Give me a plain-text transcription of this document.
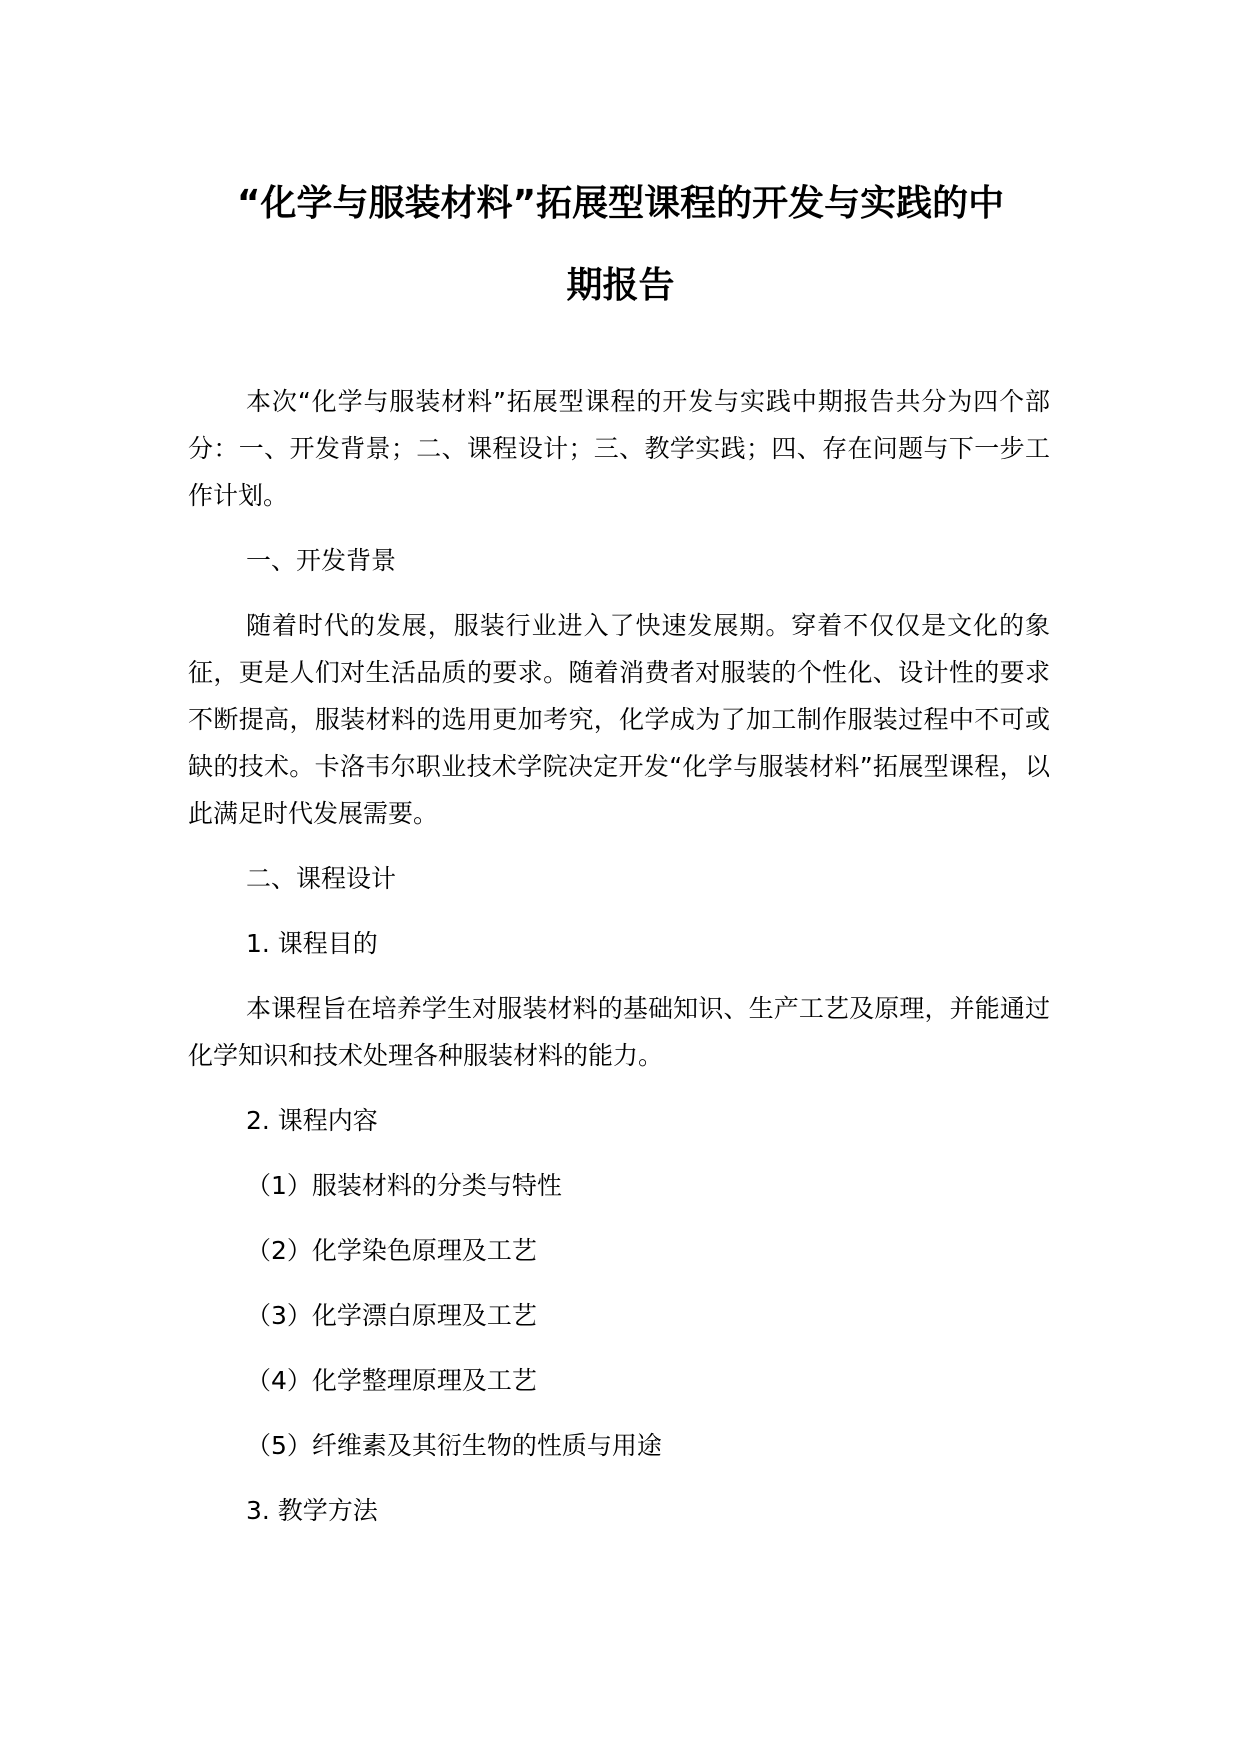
“化学与服装材料”拓展型课程的开发与实践的中
期报告

本次“化学与服装材料”拓展型课程的开发与实践中期报告共分为四个部分：一、开发背景；二、课程设计；三、教学实践；四、存在问题与下一步工作计划。

一、开发背景

随着时代的发展，服装行业进入了快速发展期。穿着不仅仅是文化的象征，更是人们对生活品质的要求。随着消费者对服装的个性化、设计性的要求不断提高，服装材料的选用更加考究，化学成为了加工制作服装过程中不可或缺的技术。卡洛韦尔职业技术学院决定开发“化学与服装材料”拓展型课程，以此满足时代发展需要。

二、课程设计

1. 课程目的

本课程旨在培养学生对服装材料的基础知识、生产工艺及原理，并能通过化学知识和技术处理各种服装材料的能力。

2. 课程内容

（1）服装材料的分类与特性

（2）化学染色原理及工艺

（3）化学漂白原理及工艺

（4）化学整理原理及工艺

（5）纤维素及其衍生物的性质与用途

3. 教学方法
